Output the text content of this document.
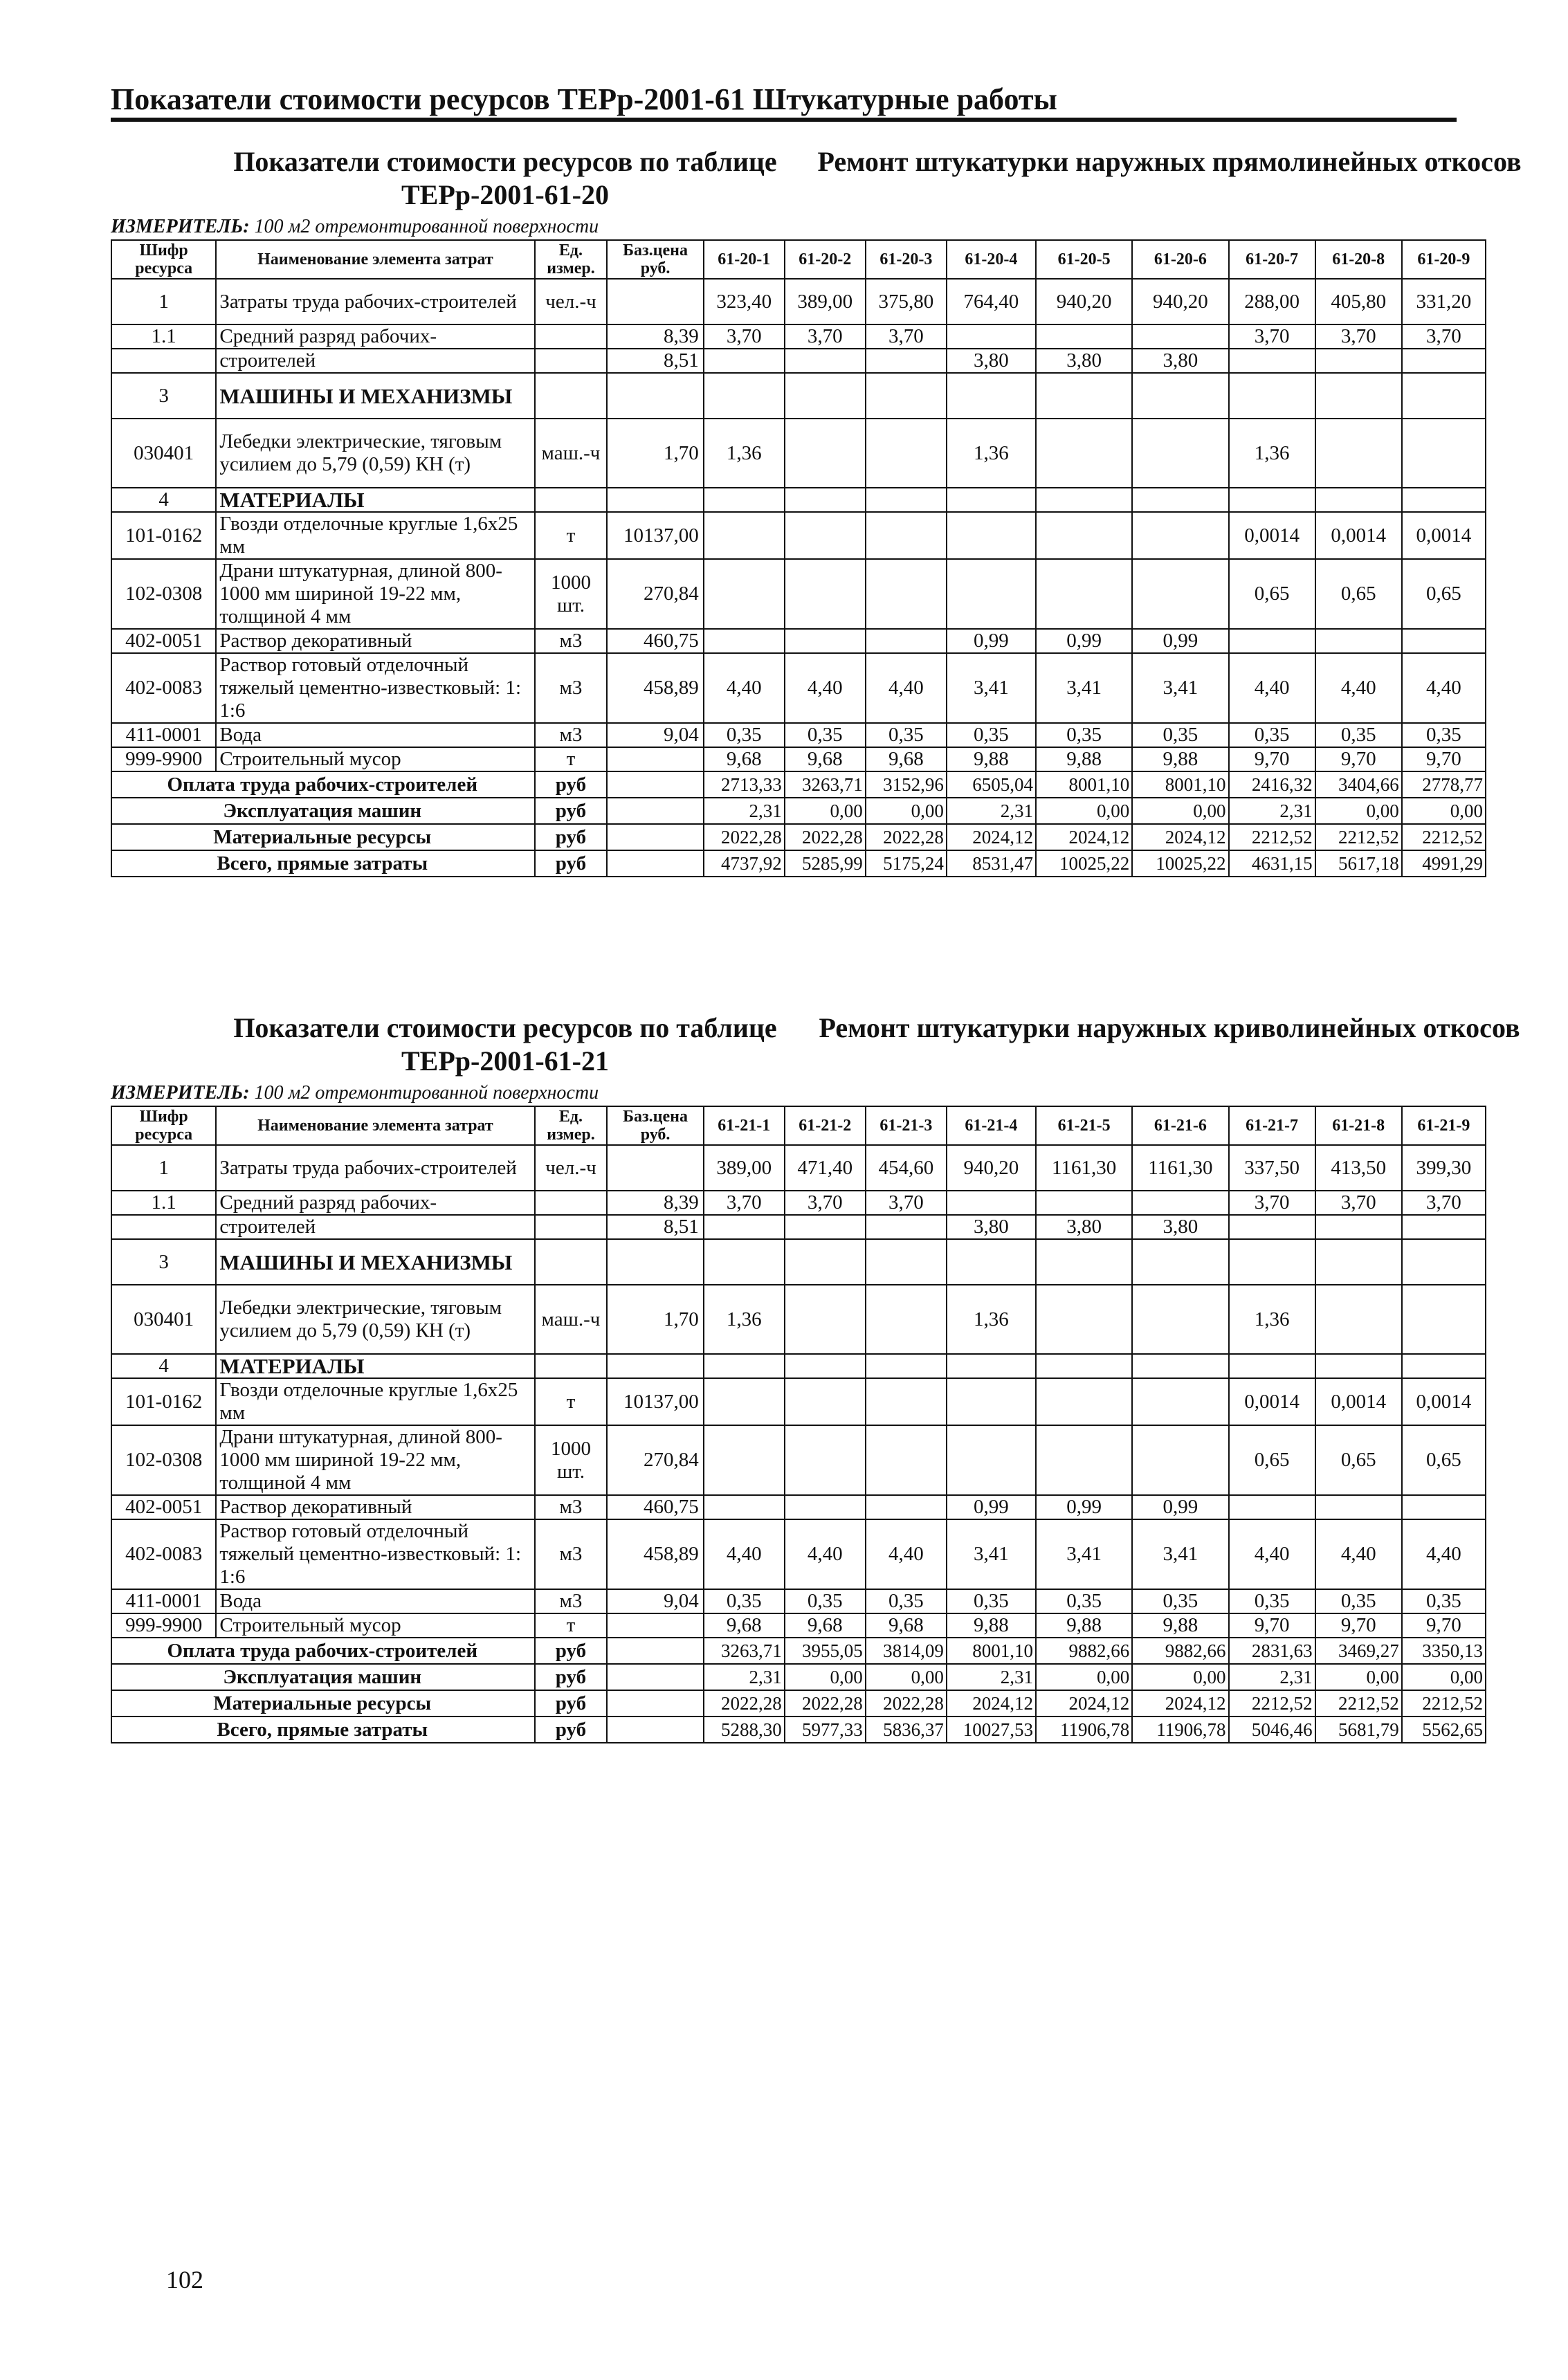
Показатели стоимости ресурсов ТЕРр-2001-61 Штукатурные работы
Показатели стоимости ресурсов по таблице ТЕРр-2001-61-20
Ремонт штукатурки наружных прямолинейных откосов
ИЗМЕРИТЕЛЬ: 100 м2 отремонтированной поверхности
Шифр ресурса	Наименование элемента затрат	Ед. измер.	Баз.цена руб.	61-20-1	61-20-2	61-20-3	61-20-4	61-20-5	61-20-6	61-20-7	61-20-8	61-20-9
1	Затраты труда рабочих-строителей	чел.-ч		323,40	389,00	375,80	764,40	940,20	940,20	288,00	405,80	331,20
1.1	Средний разряд рабочих-		8,39	3,70	3,70	3,70				3,70	3,70	3,70
	строителей		8,51				3,80	3,80	3,80			
3	МАШИНЫ И МЕХАНИЗМЫ											
030401	Лебедки электрические, тяговым усилием до 5,79 (0,59) КН (т)	маш.-ч	1,70	1,36			1,36			1,36		
4	МАТЕРИАЛЫ											
101-0162	Гвозди отделочные круглые 1,6х25 мм	т	10137,00							0,0014	0,0014	0,0014
102-0308	Драни штукатурная, длиной 800-1000 мм шириной 19-22 мм, толщиной 4 мм	1000 шт.	270,84							0,65	0,65	0,65
402-0051	Раствор декоративный	м3	460,75				0,99	0,99	0,99			
402-0083	Раствор готовый отделочный тяжелый цементно-известковый: 1: 1:6	м3	458,89	4,40	4,40	4,40	3,41	3,41	3,41	4,40	4,40	4,40
411-0001	Вода	м3	9,04	0,35	0,35	0,35	0,35	0,35	0,35	0,35	0,35	0,35
999-9900	Строительный мусор	т		9,68	9,68	9,68	9,88	9,88	9,88	9,70	9,70	9,70
Оплата труда рабочих-строителей		руб		2713,33	3263,71	3152,96	6505,04	8001,10	8001,10	2416,32	3404,66	2778,77
Эксплуатация машин		руб		2,31	0,00	0,00	2,31	0,00	0,00	2,31	0,00	0,00
Материальные ресурсы		руб		2022,28	2022,28	2022,28	2024,12	2024,12	2024,12	2212,52	2212,52	2212,52
Всего, прямые затраты		руб		4737,92	5285,99	5175,24	8531,47	10025,22	10025,22	4631,15	5617,18	4991,29
Показатели стоимости ресурсов по таблице ТЕРр-2001-61-21
Ремонт штукатурки наружных криволинейных откосов
ИЗМЕРИТЕЛЬ: 100 м2 отремонтированной поверхности
Шифр ресурса	Наименование элемента затрат	Ед. измер.	Баз.цена руб.	61-21-1	61-21-2	61-21-3	61-21-4	61-21-5	61-21-6	61-21-7	61-21-8	61-21-9
1	Затраты труда рабочих-строителей	чел.-ч		389,00	471,40	454,60	940,20	1161,30	1161,30	337,50	413,50	399,30
1.1	Средний разряд рабочих-		8,39	3,70	3,70	3,70				3,70	3,70	3,70
	строителей		8,51				3,80	3,80	3,80			
3	МАШИНЫ И МЕХАНИЗМЫ											
030401	Лебедки электрические, тяговым усилием до 5,79 (0,59) КН (т)	маш.-ч	1,70	1,36			1,36			1,36		
4	МАТЕРИАЛЫ											
101-0162	Гвозди отделочные круглые 1,6х25 мм	т	10137,00							0,0014	0,0014	0,0014
102-0308	Драни штукатурная, длиной 800-1000 мм шириной 19-22 мм, толщиной 4 мм	1000 шт.	270,84							0,65	0,65	0,65
402-0051	Раствор декоративный	м3	460,75				0,99	0,99	0,99			
402-0083	Раствор готовый отделочный тяжелый цементно-известковый: 1: 1:6	м3	458,89	4,40	4,40	4,40	3,41	3,41	3,41	4,40	4,40	4,40
411-0001	Вода	м3	9,04	0,35	0,35	0,35	0,35	0,35	0,35	0,35	0,35	0,35
999-9900	Строительный мусор	т		9,68	9,68	9,68	9,88	9,88	9,88	9,70	9,70	9,70
Оплата труда рабочих-строителей		руб		3263,71	3955,05	3814,09	8001,10	9882,66	9882,66	2831,63	3469,27	3350,13
Эксплуатация машин		руб		2,31	0,00	0,00	2,31	0,00	0,00	2,31	0,00	0,00
Материальные ресурсы		руб		2022,28	2022,28	2022,28	2024,12	2024,12	2024,12	2212,52	2212,52	2212,52
Всего, прямые затраты		руб		5288,30	5977,33	5836,37	10027,53	11906,78	11906,78	5046,46	5681,79	5562,65
102
